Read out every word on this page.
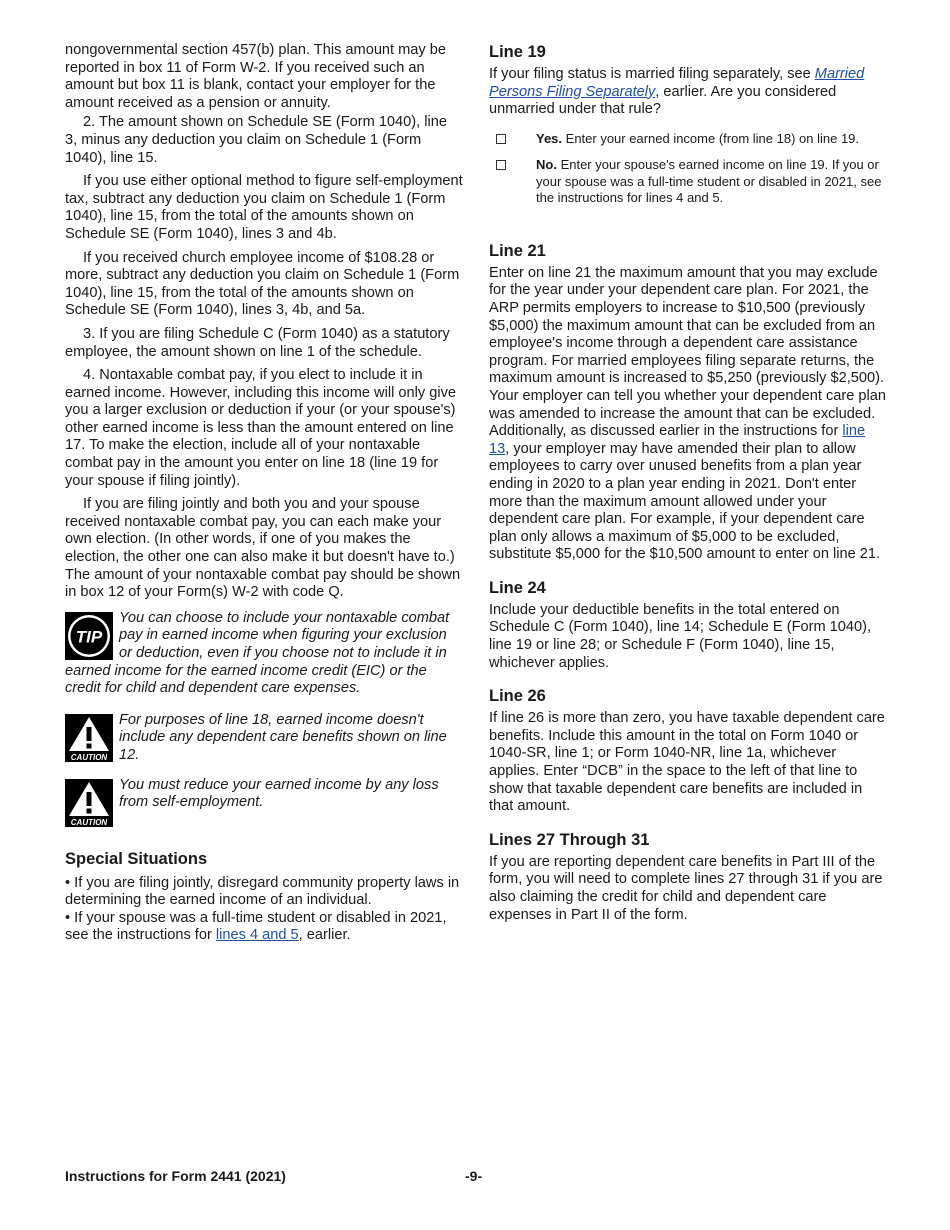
nongovernmental section 457(b) plan. This amount may be reported in box 11 of Form W-2. If you received such an amount but box 11 is blank, contact your employer for the amount received as a pension or annuity.

2. The amount shown on Schedule SE (Form 1040), line 3, minus any deduction you claim on Schedule 1 (Form 1040), line 15.

If you use either optional method to figure self-employment tax, subtract any deduction you claim on Schedule 1 (Form 1040), line 15, from the total of the amounts shown on Schedule SE (Form 1040), lines 3 and 4b.

If you received church employee income of $108.28 or more, subtract any deduction you claim on Schedule 1 (Form 1040), line 15, from the total of the amounts shown on Schedule SE (Form 1040), lines 3, 4b, and 5a.

3. If you are filing Schedule C (Form 1040) as a statutory employee, the amount shown on line 1 of the schedule.

4. Nontaxable combat pay, if you elect to include it in earned income. However, including this income will only give you a larger exclusion or deduction if your (or your spouse's) other earned income is less than the amount entered on line 17. To make the election, include all of your nontaxable combat pay in the amount you enter on line 18 (line 19 for your spouse if filing jointly).

If you are filing jointly and both you and your spouse received nontaxable combat pay, you can each make your own election. (In other words, if one of you makes the election, the other one can also make it but doesn't have to.) The amount of your nontaxable combat pay should be shown in box 12 of your Form(s) W-2 with code Q.

TIP
You can choose to include your nontaxable combat pay in earned income when figuring your exclusion or deduction, even if you choose not to include it in earned income for the earned income credit (EIC) or the credit for child and dependent care expenses.
CAUTION
For purposes of line 18, earned income doesn't include any dependent care benefits shown on line 12.
CAUTION
You must reduce your earned income by any loss from self-employment.
Special Situations
• If you are filing jointly, disregard community property laws in determining the earned income of an individual.
• If your spouse was a full-time student or disabled in 2021, see the instructions for lines 4 and 5, earlier.
Line 19

If your filing status is married filing separately, see Married Persons Filing Separately, earlier. Are you considered unmarried under that rule?

Yes. Enter your earned income (from line 18) on line 19.
No. Enter your spouse's earned income on line 19. If you or your spouse was a full-time student or disabled in 2021, see the instructions for lines 4 and 5.
Line 21

Enter on line 21 the maximum amount that you may exclude for the year under your dependent care plan. For 2021, the ARP permits employers to increase to $10,500 (previously $5,000) the maximum amount that can be excluded from an employee's income through a dependent care assistance program. For married employees filing separate returns, the maximum amount is increased to $5,250 (previously $2,500). Your employer can tell you whether your dependent care plan was amended to increase the amount that can be excluded. Additionally, as discussed earlier in the instructions for line 13, your employer may have amended their plan to allow employees to carry over unused benefits from a plan year ending in 2020 to a plan year ending in 2021. Don't enter more than the maximum amount allowed under your dependent care plan. For example, if your dependent care plan only allows a maximum of $5,000 to be excluded, substitute $5,000 for the $10,500 amount to enter on line 21.

Line 24

Include your deductible benefits in the total entered on Schedule C (Form 1040), line 14; Schedule E (Form 1040), line 19 or line 28; or Schedule F (Form 1040), line 15, whichever applies.

Line 26

If line 26 is more than zero, you have taxable dependent care benefits. Include this amount in the total on Form 1040 or 1040-SR, line 1; or Form 1040-NR, line 1a, whichever applies. Enter “DCB” in the space to the left of that line to show that taxable dependent care benefits are included in that amount.

Lines 27 Through 31

If you are reporting dependent care benefits in Part III of the form, you will need to complete lines 27 through 31 if you are also claiming the credit for child and dependent care expenses in Part II of the form.

Instructions for Form 2441 (2021)	-9-
